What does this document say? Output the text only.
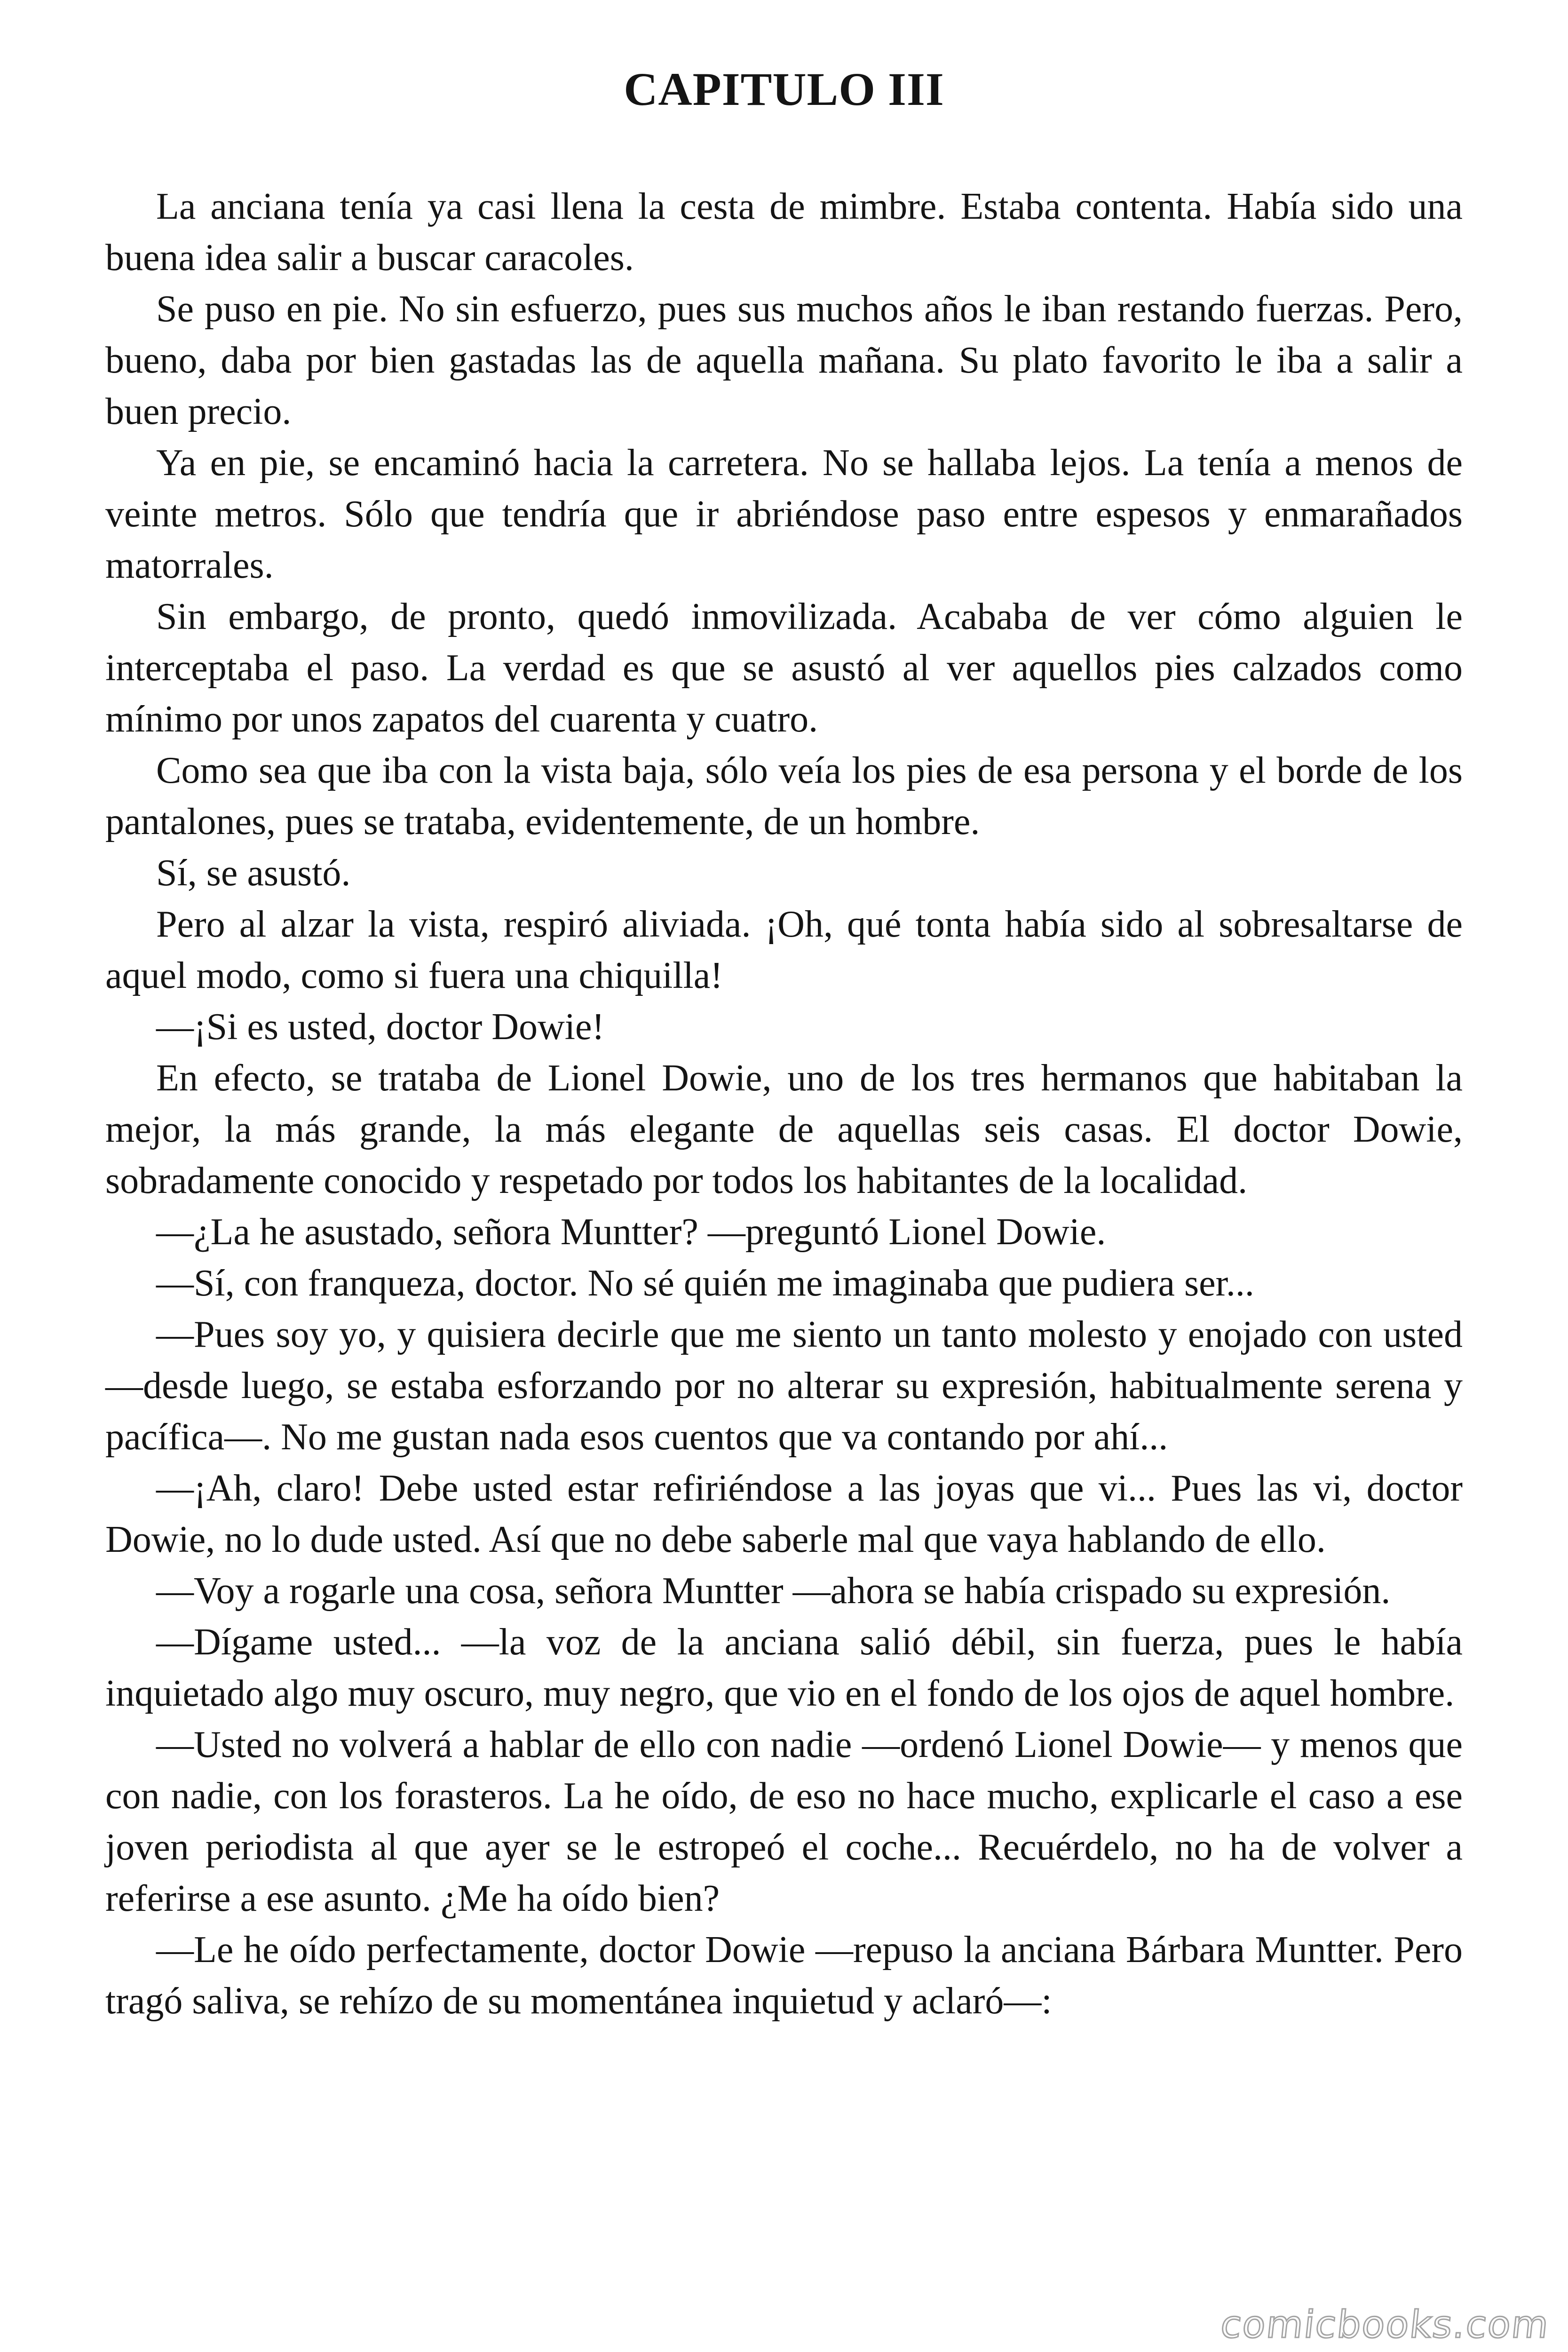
CAPITULO III

La anciana tenía ya casi llena la cesta de mimbre. Estaba contenta. Había sido una buena idea salir a buscar caracoles.

Se puso en pie. No sin esfuerzo, pues sus muchos años le iban restando fuerzas. Pero, bueno, daba por bien gastadas las de aquella mañana. Su plato favorito le iba a salir a buen precio.

Ya en pie, se encaminó hacia la carretera. No se hallaba lejos. La tenía a menos de veinte metros. Sólo que tendría que ir abriéndose paso entre espesos y enmarañados matorrales.

Sin embargo, de pronto, quedó inmovilizada. Acababa de ver cómo alguien le interceptaba el paso. La verdad es que se asustó al ver aquellos pies calzados como mínimo por unos zapatos del cuarenta y cuatro.

Como sea que iba con la vista baja, sólo veía los pies de esa persona y el borde de los pantalones, pues se trataba, evidentemente, de un hombre.

Sí, se asustó.

Pero al alzar la vista, respiró aliviada. ¡Oh, qué tonta había sido al sobresaltarse de aquel modo, como si fuera una chiquilla!

—¡Si es usted, doctor Dowie!

En efecto, se trataba de Lionel Dowie, uno de los tres hermanos que habitaban la mejor, la más grande, la más elegante de aquellas seis casas. El doctor Dowie, sobradamente conocido y respetado por todos los habitantes de la localidad.

—¿La he asustado, señora Muntter? —preguntó Lionel Dowie.

—Sí, con franqueza, doctor. No sé quién me imaginaba que pudiera ser...

—Pues soy yo, y quisiera decirle que me siento un tanto molesto y enojado con usted —desde luego, se estaba esforzando por no alterar su expresión, habitualmente serena y pacífica—. No me gustan nada esos cuentos que va contando por ahí...

—¡Ah, claro! Debe usted estar refiriéndose a las joyas que vi... Pues las vi, doctor Dowie, no lo dude usted. Así que no debe saberle mal que vaya hablando de ello.

—Voy a rogarle una cosa, señora Muntter —ahora se había crispado su expresión.

—Dígame usted... —la voz de la anciana salió débil, sin fuerza, pues le había inquietado algo muy oscuro, muy negro, que vio en el fondo de los ojos de aquel hombre.

—Usted no volverá a hablar de ello con nadie —ordenó Lionel Dowie— y menos que con nadie, con los forasteros. La he oído, de eso no hace mucho, explicarle el caso a ese joven periodista al que ayer se le estropeó el coche... Recuérdelo, no ha de volver a referirse a ese asunto. ¿Me ha oído bien?

—Le he oído perfectamente, doctor Dowie —repuso la anciana Bárbara Muntter. Pero tragó saliva, se rehízo de su momentánea inquietud y aclaró—:

comicbooks.com
